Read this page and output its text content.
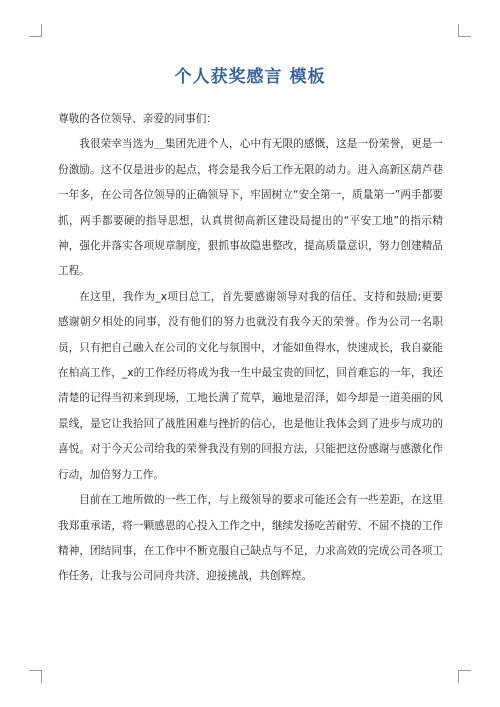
个人获奖感言 模板

尊敬的各位领导、亲爱的同事们：

我很荣幸当选为＿集团先进个人，心中有无限的感慨，这是一份荣誉，更是一份激励。这不仅是进步的起点，将会是我今后工作无限的动力。进入高新区葫芦巷一年多，在公司各位领导的正确领导下，牢固树立“安全第一，质量第一”两手都要抓，两手都要硬的指导思想，认真贯彻高新区建设局提出的“平安工地”的指示精神，强化并落实各项规章制度，狠抓事故隐患整改，提高质量意识，努力创建精品工程。

在这里，我作为_x项目总工，首先要感谢领导对我的信任、支持和鼓励;更要感谢朝夕相处的同事，没有他们的努力也就没有我今天的荣誉。作为公司一名职员，只有把自己融入在公司的文化与氛围中，才能如鱼得水，快速成长，我自豪能在柏高工作，_x的工作经历将成为我一生中最宝贵的回忆，回首难忘的一年，我还清楚的记得当初来到现场，工地长满了荒草，遍地是沼泽，如今却是一道美丽的风景线，是它让我拾回了战胜困难与挫折的信心，也是他让我体会到了进步与成功的喜悦。对于今天公司给我的荣誉我没有别的回报方法，只能把这份感谢与感激化作行动，加倍努力工作。

目前在工地所做的一些工作，与上级领导的要求可能还会有一些差距，在这里我郑重承诺，将一颗感恩的心投入工作之中，继续发扬吃苦耐劳、不屈不挠的工作精神，团结同事，在工作中不断克服自己缺点与不足，力求高效的完成公司各项工作任务，让我与公司同舟共济、迎接挑战，共创辉煌。
